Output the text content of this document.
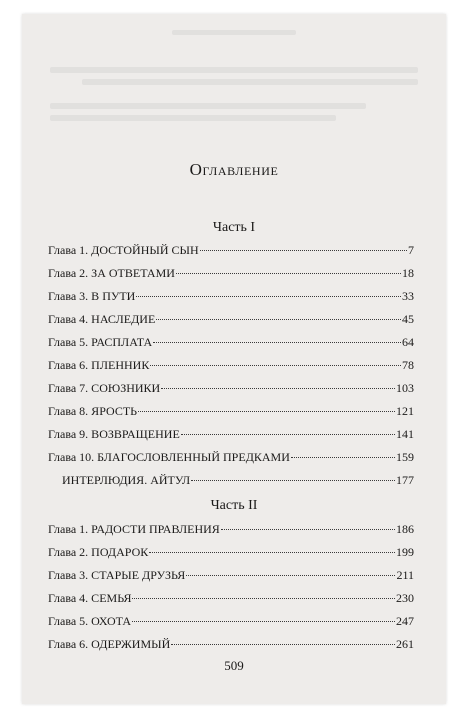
Оглавление
Часть I
Глава 1. ДОСТОЙНЫЙ СЫН	7
Глава 2. ЗА ОТВЕТАМИ	18
Глава 3. В ПУТИ	33
Глава 4. НАСЛЕДИЕ	45
Глава 5. РАСПЛАТА	64
Глава 6. ПЛЕННИК	78
Глава 7. СОЮЗНИКИ	103
Глава 8. ЯРОСТЬ	121
Глава 9. ВОЗВРАЩЕНИЕ	141
Глава 10. БЛАГОСЛОВЛЕННЫЙ ПРЕДКАМИ	159
ИНТЕРЛЮДИЯ. АЙТУЛ	177
Часть II
Глава 1. РАДОСТИ ПРАВЛЕНИЯ	186
Глава 2. ПОДАРОК	199
Глава 3. СТАРЫЕ ДРУЗЬЯ	211
Глава 4. СЕМЬЯ	230
Глава 5. ОХОТА	247
Глава 6. ОДЕРЖИМЫЙ	261
509
